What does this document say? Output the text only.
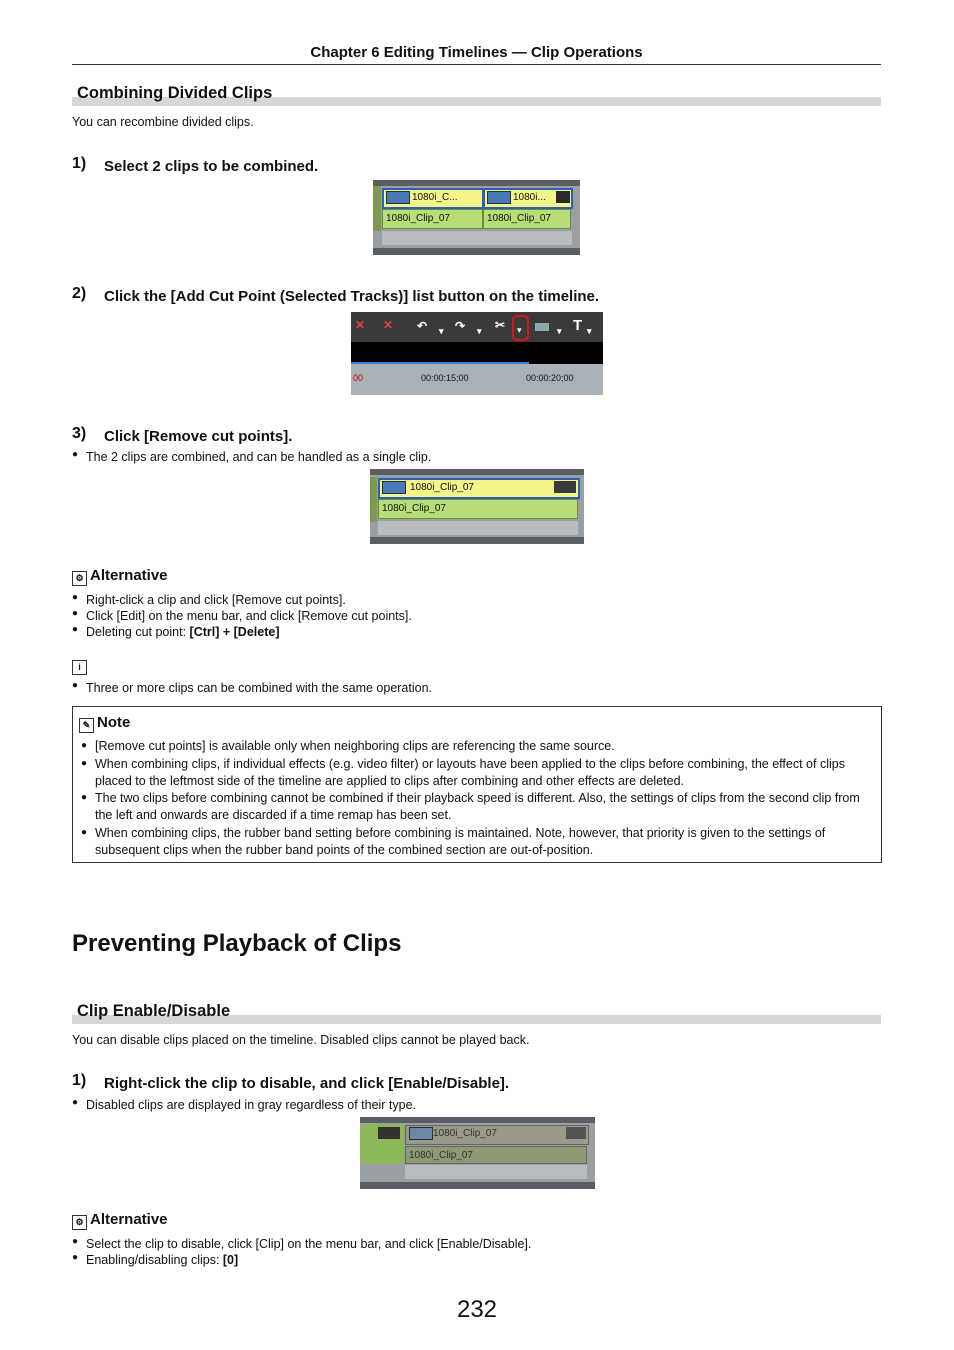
Chapter 6 Editing Timelines — Clip Operations
Combining Divided Clips
You can recombine divided clips.
1) Select 2 clips to be combined.
1080i_C...	1080i...
1080i_Clip_07	1080i_Clip_07
2) Click the [Add Cut Point (Selected Tracks)] list button on the timeline.
✕ ✕ ↶ ▾ ↷ ▾ ✂ ▾	▾ T ▾
00	00:00:15;00	00:00:20;00
3) Click [Remove cut points].
● The 2 clips are combined, and can be handled as a single clip.
1080i_Clip_07
1080i_Clip_07
⚙ Alternative
● Right-click a clip and click [Remove cut points].
● Click [Edit] on the menu bar, and click [Remove cut points].
● Deleting cut point: [Ctrl] + [Delete]
i
● Three or more clips can be combined with the same operation.
✎ Note
● [Remove cut points] is available only when neighboring clips are referencing the same source.
● When combining clips, if individual effects (e.g. video filter) or layouts have been applied to the clips before combining, the effect of clips placed to the leftmost side of the timeline are applied to clips after combining and other effects are deleted.
● The two clips before combining cannot be combined if their playback speed is different. Also, the settings of clips from the second clip from the left and onwards are discarded if a time remap has been set.
● When combining clips, the rubber band setting before combining is maintained. Note, however, that priority is given to the settings of subsequent clips when the rubber band points of the combined section are out-of-position.
Preventing Playback of Clips
Clip Enable/Disable
You can disable clips placed on the timeline. Disabled clips cannot be played back.
1) Right-click the clip to disable, and click [Enable/Disable].
● Disabled clips are displayed in gray regardless of their type.
1080i_Clip_07
1080i_Clip_07
⚙ Alternative
● Select the clip to disable, click [Clip] on the menu bar, and click [Enable/Disable].
● Enabling/disabling clips: [0]
232
